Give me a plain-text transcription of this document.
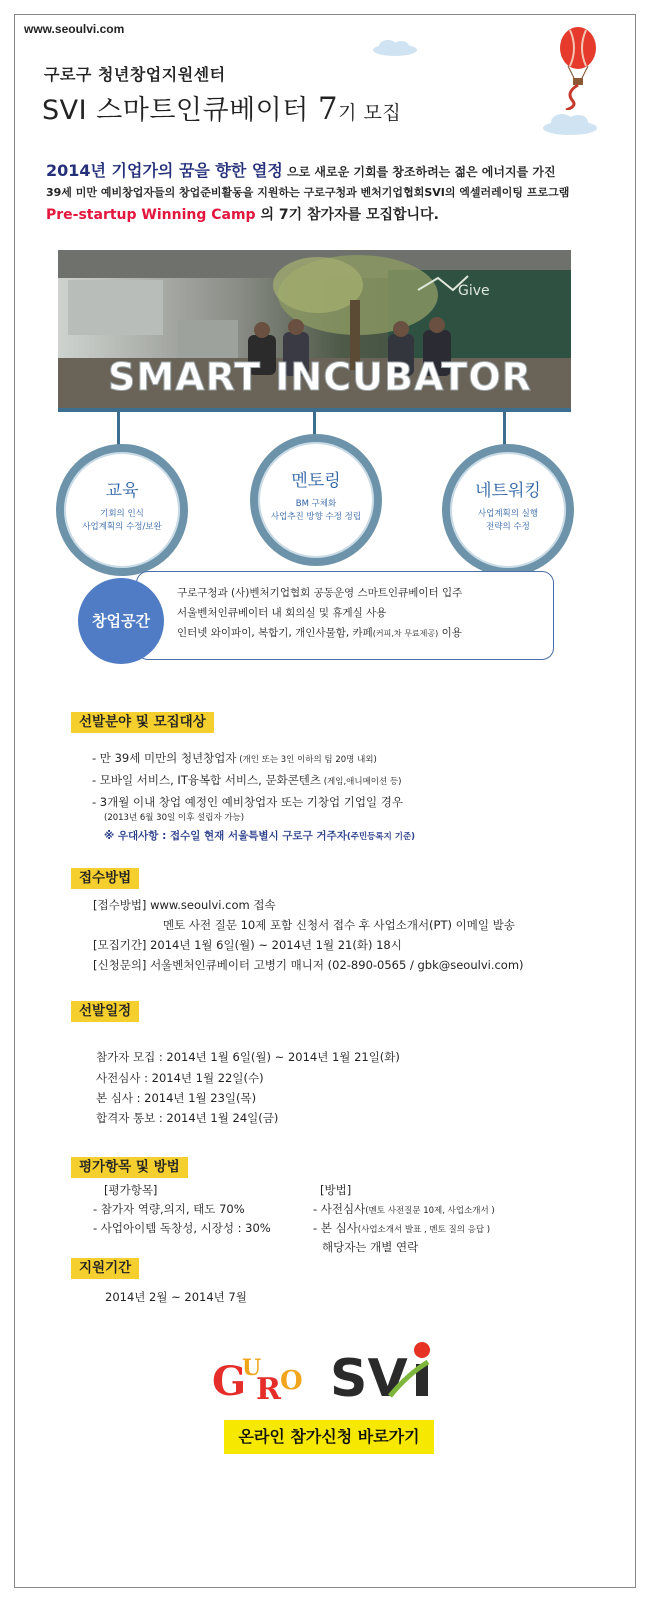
www.seoulvi.com
구로구 청년창업지원센터
SVI 스마트인큐베이터 7기 모집
2014년 기업가의 꿈을 향한 열정 으로 새로운 기회를 창조하려는 젊은 에너지를 가진
39세 미만 예비창업자들의 창업준비활동을 지원하는 구로구청과 벤처기업협회SVI의 엑셀러레이팅 프로그램
Pre-startup Winning Camp 의 7기 참가자를 모집합니다.
Give
SMART INCUBATOR
교육
기회의 인식
사업계획의 수정/보완
멘토링
BM 구체화
사업추진 방향 수정 정립
네트워킹
사업계획의 실행
전략의 수정
구로구청과 (사)벤처기업협회 공동운영 스마트인큐베이터 입주
서울벤처인큐베이터 내 회의실 및 휴게실 사용
인터넷 와이파이, 복합기, 개인사물함, 카페(커피,차 무료제공) 이용
창업공간
선발분야 및 모집대상
- 만 39세 미만의 청년창업자 (개인 또는 3인 이하의 팀 20명 내외)
- 모바일 서비스, IT융복합 서비스, 문화콘텐츠 (게임,애니메이션 등)
- 3개월 이내 창업 예정인 예비창업자 또는 기창업 기업일 경우
(2013년 6월 30일 이후 설립자 가능)
※ 우대사항 : 접수일 현재 서울특별시 구로구 거주자(주민등록지 기준)
접수방법
[접수방법] www.seoulvi.com 접속
멘토 사전 질문 10제 포함 신청서 접수 후 사업소개서(PT) 이메일 발송
[모집기간] 2014년 1월 6일(월) ~ 2014년 1월 21(화) 18시
[신청문의] 서울벤처인큐베이터 고병기 매니저 (02-890-0565 / gbk@seoulvi.com)
선발일정
참가자 모집 : 2014년 1월 6일(월) ~ 2014년 1월 21일(화)
사전심사 : 2014년 1월 22일(수)
본 심사 : 2014년 1월 23일(목)
합격자 통보 : 2014년 1월 24일(금)
평가항목 및 방법
[평가항목]
- 참가자 역량,의지, 태도 70%
- 사업아이템 독창성, 시장성 : 30%
[방법]
- 사전심사(멘토 사전질문 10제, 사업소개서 )
- 본 심사(사업소개서 발표 , 멘토 질의 응답 )
해당자는 개별 연락
지원기간
2014년 2월 ~ 2014년 7월
G
U
R O SV
온라인 참가신청 바로가기
